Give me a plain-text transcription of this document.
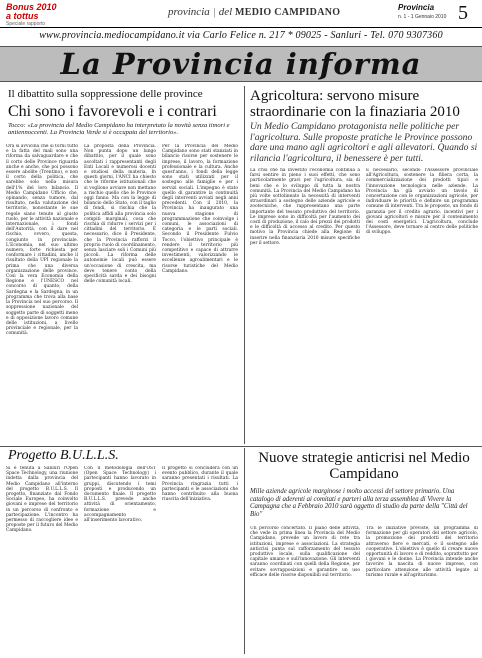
Bonus 2010
a tottus
Speciale rapporto
provincia | del MEDIO CAMPIDANO	Provincia
n. 1 - 1 Gennaio 2010 5
www.provincia.mediocampidano.it via Carlo Felice n. 217 * 09025 - Sanluri - Tel. 070 9307360
La Provincia informa
Il dibattito sulla soppressione delle province
Chi sono i favorevoli e i contrari
Tocco: «La provincia del Medio Campidano ha interpretato la novità senza timori e antiennoccenti. La Provincia Verde si è occupata del territorio».
Ora si avvicina che si torni tutto e la fatta del mali sono una riforma da salvaguardare e che il corto delle Province riguarda anche e anche, che poi possono essere abolite (Trentino), e non il corto della politica, che sarebbe solo nella misura dell'1% del loro bilancio. Il Medio Campidano Ufficio che, opinando, senza tumore, dal risultato, nella valutazione del territorio, nonostante le sue regole siano tenute al giusto ruolo, per le attività nazionale e internazionale, i fondi dell'Autorità, con il dare nel rischio, ovvero, questa, congiunto in provinciale. L'Economia, nel suo ultimo numero, forte richiesta per conformare i cittadini, anche il risultato della UPI regionale la prima che una diversa organizzazione delle province. Così la vera Economia della Regione e l'UNESCO nel concorso di quanto, della Sardegna e la Sardegna, in un programma che trova alla base la Provincia nel suo percorso. Il soppressione nazionale del soggetto parte di soggetti meno e di opposizione lavoro comune delle istituzioni, a livello provinciale e regionale, per la comunità.
La proposta della Provincia. Non punta dopo un lungo dibattito, per il quale sono ascoltati i rappresentanti degli Enti Locali e numerosi docenti e studiosi della materia. In questi giorni, l'ANCI ha chiesto che le riforme istituzionali che si vogliono avviare non mettano a rischio quello che le Province oggi fanno. Ma con la legge di bilancio dello Stato, con il taglio di fondi, si rischia che la politica affidi alla provincia solo compiti marginali, cosa che rischia di ridurre i servizi per i cittadini del territorio. È necessario, dice il Presidente, che la Provincia rafforzi il proprio ruolo di coordinamento, senza lasciare soli i Comuni più piccoli. La riforma delle autonomie locali può essere un'occasione di crescita, ma deve tenere conto della specificità sarda e dei bisogni delle comunità locali.
Per la Provincia del Medio Campidano sono stati stanziati in bilancio risorse per sostenere le imprese, il lavoro, la formazione professionale e la cultura. Anche quest'anno, i fondi della legge sono stati utilizzati per il sostegno alle famiglie e per i servizi sociali. L'impegno è stato quello di garantire la continuità degli interventi avviati negli anni precedenti. Con il 2010, la Provincia ha inaugurato una nuova stagione di programmazione che coinvolge i comuni, le associazioni di categoria e le parti sociali. Secondo il Presidente Fulvio Tocco, l'obiettivo principale è rendere il territorio più competitivo e capace di attrarre investimenti, valorizzando le eccellenze agroalimentari e le risorse turistiche del Medio Campidano.
Agricoltura: servono misure straordinarie con la finaziaria 2010
Un Medio Campidano protagonista nelle politiche per l'agricoltura. Sulle proposte pratiche le Province possono dare una mano agli agricoltori e agli allevatori. Quando si rilancia l'agricoltura, il benessere è per tutti.
La crisi che ha investito l'economia continua a farsi sentire in pieno i suoi effetti, che sono particolarmente gravi per l'agricoltura, sia di beni che e lo sviluppo di tutta la nostra comunità. La Provincia del Medio Campidano ha più volte sottolineato la necessità di interventi straordinari a sostegno delle aziende agricole e zootecniche, che rappresentano una parte importante del tessuto produttivo del territorio. Le imprese sono in difficoltà per l'aumento dei costi di produzione, il calo dei prezzi dei prodotti e le difficoltà di accesso al credito. Per questo motivo la Provincia chiede alla Regione di inserire nella finanziaria 2010 misure specifiche per il settore.
È necessario, secondo l'Assessore provinciale all'Agricoltura, sostenere la filiera corta, la commercializzazione dei prodotti tipici e l'innovazione tecnologica nelle aziende. La Provincia ha già avviato un tavolo di concertazione con le organizzazioni agricole, per individuare le priorità e definire un programma comune di interventi. Tra le proposte, un fondo di garanzia per il credito agrario, incentivi per i giovani agricoltori e misure per il contenimento dei costi energetici. L'agricoltura, conclude l'Assessore, deve tornare al centro delle politiche di sviluppo.
Progetto B.U.L.L.S.
Si è tenuta a Sanluri l'Open Space Technology, una riunione indetta dalla provincia del Medio Campidano all'interno del progetto B.U.L.L.S. Il progetto, finanziato dal Fondo Sociale Europeo, ha coinvolto giovani e imprese del territorio in un percorso di confronto e partecipazione. L'incontro ha permesso di raccogliere idee e proposte per il futuro del Medio Campidano.
Con il metodologia dell'OST (Open Space Technology) i partecipanti hanno lavorato in gruppi, discutendo i temi proposti e producendo un documento finale. Il progetto B.U.L.L.S. prevede anche attività di orientamento, formazione e accompagnamento all'inserimento lavorativo.
Il progetto si concluderà con un evento pubblico, durante il quale saranno presentati i risultati. La Provincia ringrazia tutti i partecipanti e le associazioni che hanno contribuito alla buona riuscita dell'iniziativa.
Nuove strategie anticrisi nel Medio Campidano
Mille aziende agricole marginose i molto accessi del settore primario. Una catalogo di aderenti ai comitati e parteri alla terza assemblea di Vivere la Campagna che a Febbraio 2010 sarà oggetto di studio da parte della "Città del Bio"
Un percorso concertato. Il piano delle attività, che vede in prima linea la Provincia del Medio Campidano, prevede un lavoro di rete tra istituzioni, imprese e associazioni. La strategia anticrisi punta sul rafforzamento del tessuto produttivo locale, sulla qualificazione del capitale umano e sull'innovazione. Gli interventi saranno coordinati con quelli della Regione, per evitare sovrapposizioni e garantire un uso efficace delle risorse disponibili sul territorio.
Tra le iniziative previste, un programma di formazione per gli operatori del settore agricolo, la promozione dei prodotti del territorio attraverso fiere e mercati, e il sostegno alle cooperative. L'obiettivo è quello di creare nuove opportunità di lavoro e di reddito, soprattutto per i giovani e le donne. La Provincia intende anche favorire la nascita di nuove imprese, con particolare attenzione alle attività legate al turismo rurale e all'agriturismo.
